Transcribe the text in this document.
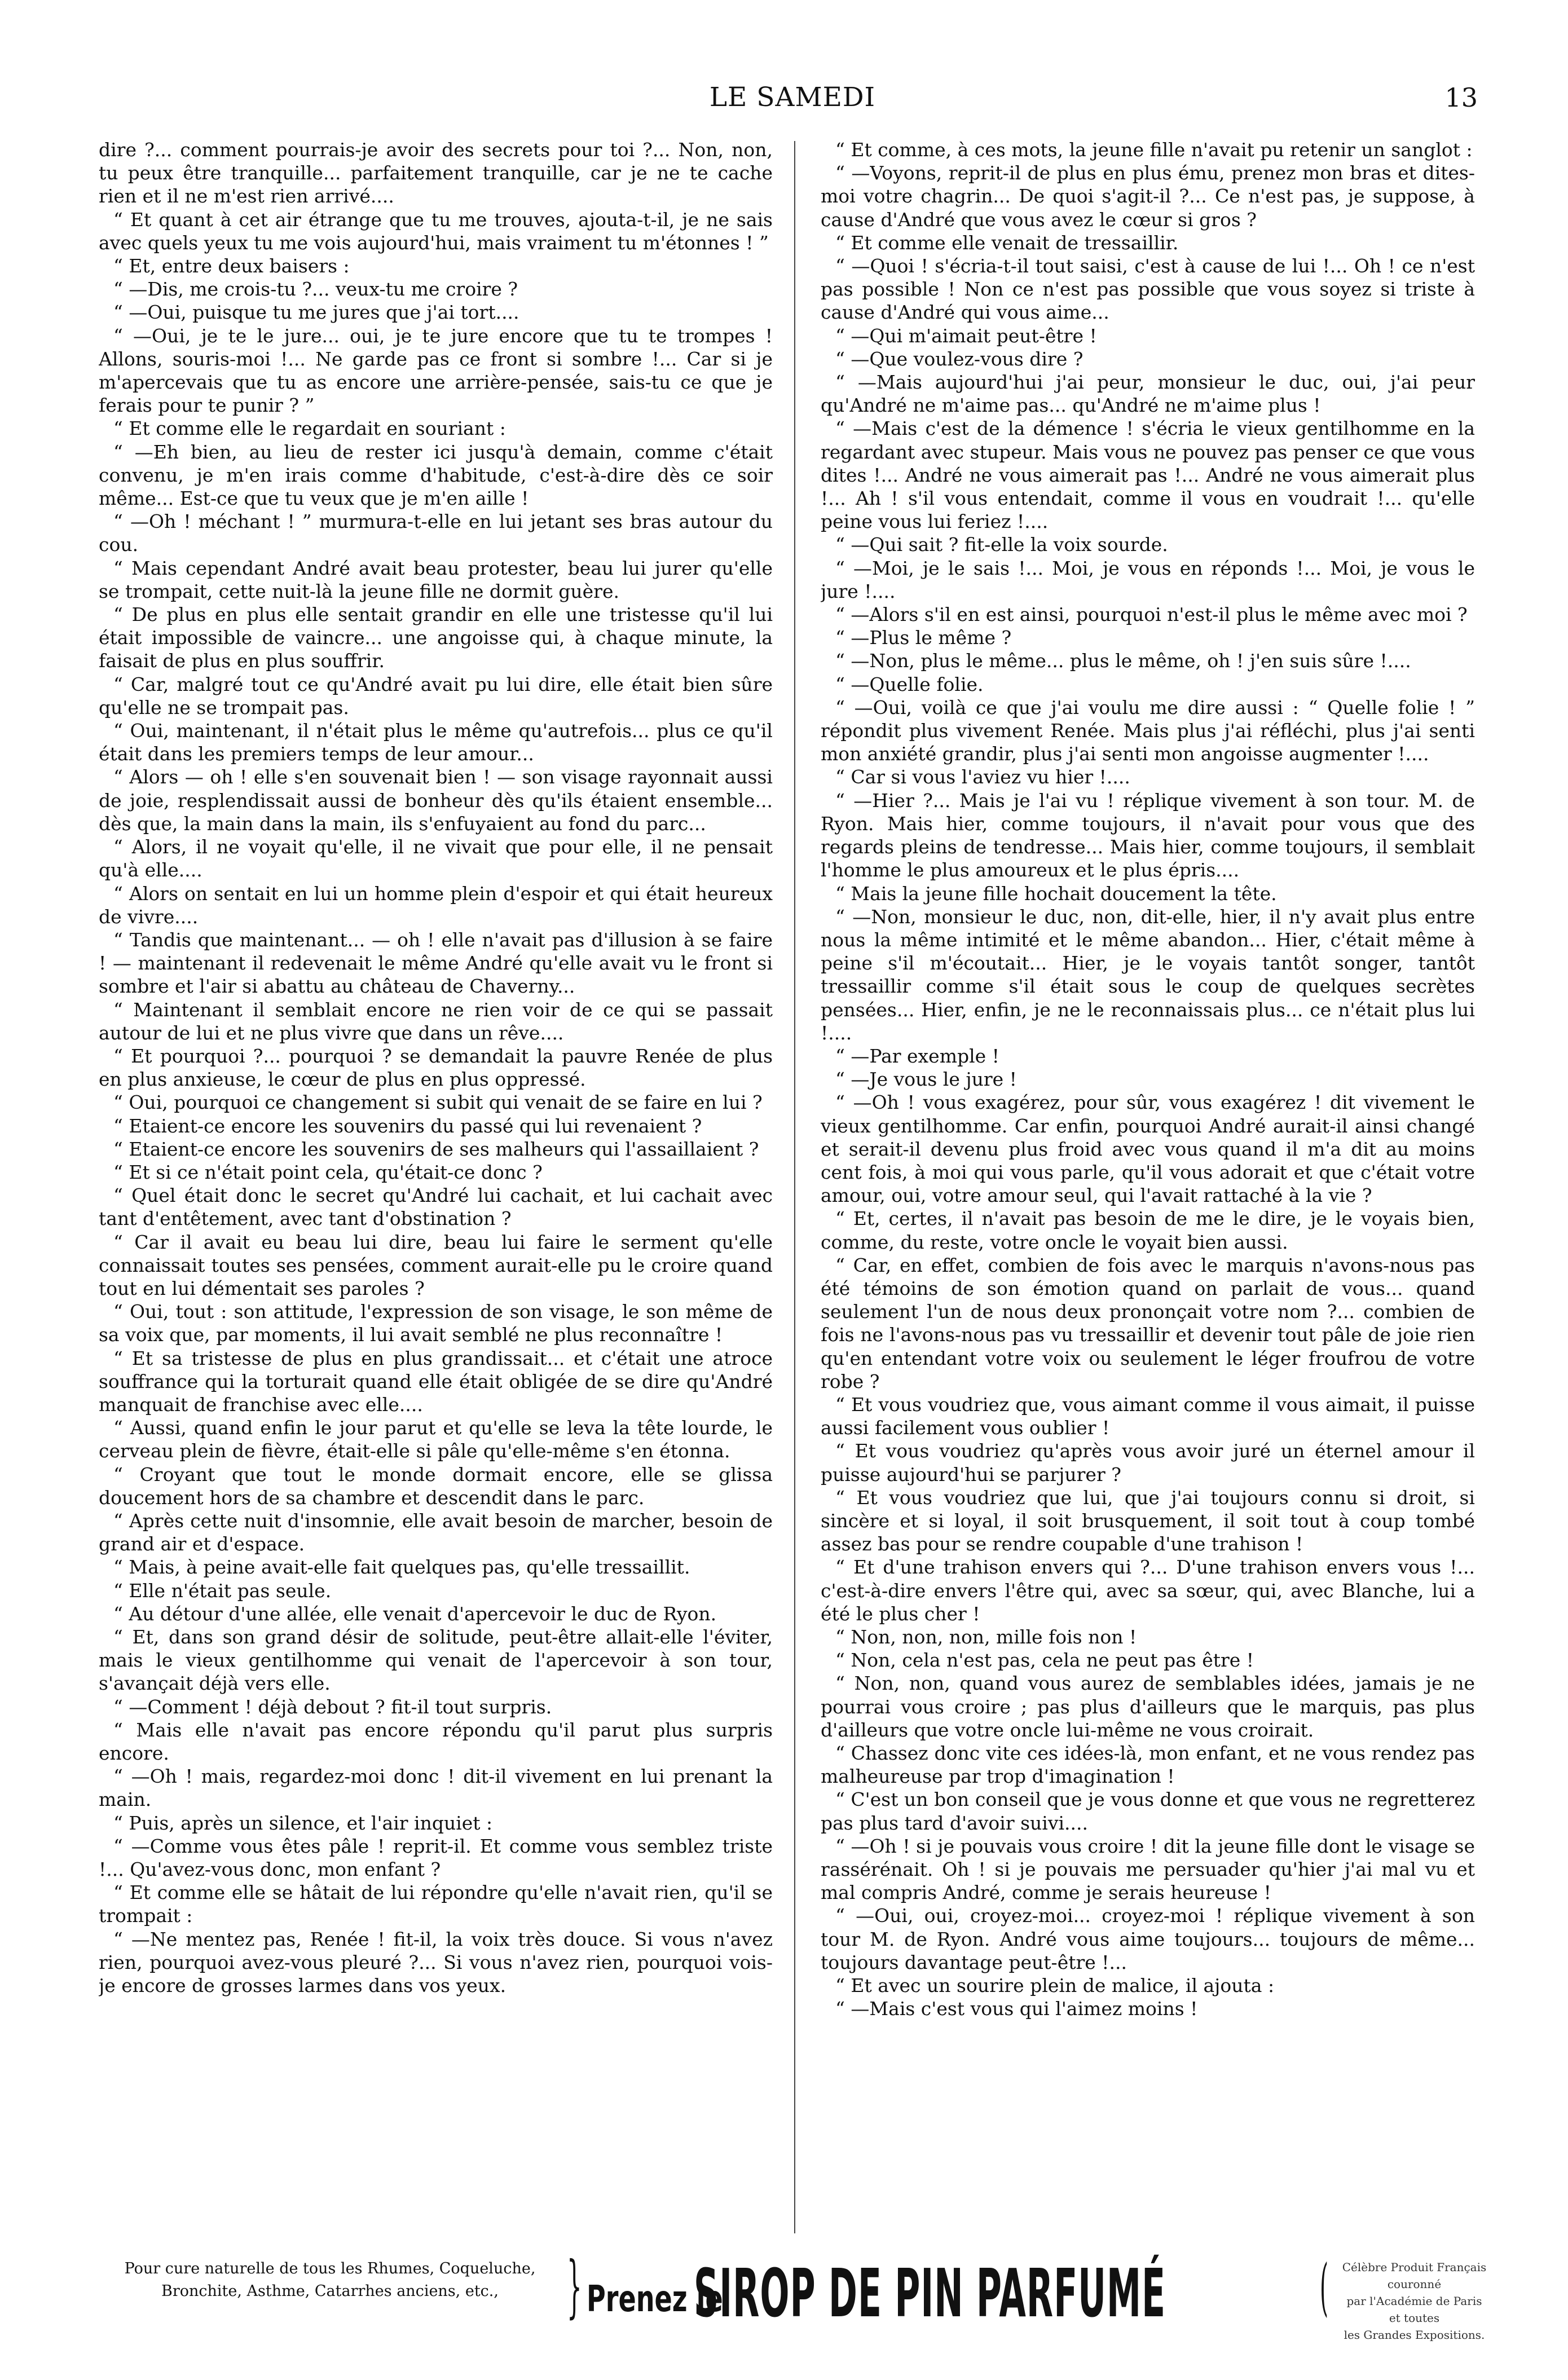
LE SAMEDI	13

dire ?... comment pourrais-je avoir des secrets pour toi ?... Non, non, tu peux être tranquille... parfaitement tranquille, car je ne te cache rien et il ne m'est rien arrivé....

“ Et quant à cet air étrange que tu me trouves, ajouta-t-il, je ne sais avec quels yeux tu me vois aujourd'hui, mais vraiment tu m'étonnes ! ”

“ Et, entre deux baisers :

“ —Dis, me crois-tu ?... veux-tu me croire ?

“ —Oui, puisque tu me jures que j'ai tort....

“ —Oui, je te le jure... oui, je te jure encore que tu te trompes ! Allons, souris-moi !... Ne garde pas ce front si sombre !... Car si je m'apercevais que tu as encore une arrière-pensée, sais-tu ce que je ferais pour te punir ? ”

“ Et comme elle le regardait en souriant :

“ —Eh bien, au lieu de rester ici jusqu'à demain, comme c'était convenu, je m'en irais comme d'habitude, c'est-à-dire dès ce soir même... Est-ce que tu veux que je m'en aille !

“ —Oh ! méchant ! ” murmura-t-elle en lui jetant ses bras autour du cou.

“ Mais cependant André avait beau protester, beau lui jurer qu'elle se trompait, cette nuit-là la jeune fille ne dormit guère.

“ De plus en plus elle sentait grandir en elle une tristesse qu'il lui était impossible de vaincre... une angoisse qui, à chaque minute, la faisait de plus en plus souffrir.

“ Car, malgré tout ce qu'André avait pu lui dire, elle était bien sûre qu'elle ne se trompait pas.

“ Oui, maintenant, il n'était plus le même qu'autrefois... plus ce qu'il était dans les premiers temps de leur amour...

“ Alors — oh ! elle s'en souvenait bien ! — son visage rayonnait aussi de joie, resplendissait aussi de bonheur dès qu'ils étaient ensemble... dès que, la main dans la main, ils s'enfuyaient au fond du parc...

“ Alors, il ne voyait qu'elle, il ne vivait que pour elle, il ne pensait qu'à elle....

“ Alors on sentait en lui un homme plein d'espoir et qui était heureux de vivre....

“ Tandis que maintenant... — oh ! elle n'avait pas d'illusion à se faire ! — maintenant il redevenait le même André qu'elle avait vu le front si sombre et l'air si abattu au château de Chaverny...

“ Maintenant il semblait encore ne rien voir de ce qui se passait autour de lui et ne plus vivre que dans un rêve....

“ Et pourquoi ?... pourquoi ? se demandait la pauvre Renée de plus en plus anxieuse, le cœur de plus en plus oppressé.

“ Oui, pourquoi ce changement si subit qui venait de se faire en lui ?

“ Etaient-ce encore les souvenirs du passé qui lui revenaient ?

“ Etaient-ce encore les souvenirs de ses malheurs qui l'assaillaient ?

“ Et si ce n'était point cela, qu'était-ce donc ?

“ Quel était donc le secret qu'André lui cachait, et lui cachait avec tant d'entêtement, avec tant d'obstination ?

“ Car il avait eu beau lui dire, beau lui faire le serment qu'elle connaissait toutes ses pensées, comment aurait-elle pu le croire quand tout en lui démentait ses paroles ?

“ Oui, tout : son attitude, l'expression de son visage, le son même de sa voix que, par moments, il lui avait semblé ne plus reconnaître !

“ Et sa tristesse de plus en plus grandissait... et c'était une atroce souffrance qui la torturait quand elle était obligée de se dire qu'André manquait de franchise avec elle....

“ Aussi, quand enfin le jour parut et qu'elle se leva la tête lourde, le cerveau plein de fièvre, était-elle si pâle qu'elle-même s'en étonna.

“ Croyant que tout le monde dormait encore, elle se glissa doucement hors de sa chambre et descendit dans le parc.

“ Après cette nuit d'insomnie, elle avait besoin de marcher, besoin de grand air et d'espace.

“ Mais, à peine avait-elle fait quelques pas, qu'elle tressaillit.

“ Elle n'était pas seule.

“ Au détour d'une allée, elle venait d'apercevoir le duc de Ryon.

“ Et, dans son grand désir de solitude, peut-être allait-elle l'éviter, mais le vieux gentilhomme qui venait de l'apercevoir à son tour, s'avançait déjà vers elle.

“ —Comment ! déjà debout ? fit-il tout surpris.

“ Mais elle n'avait pas encore répondu qu'il parut plus surpris encore.

“ —Oh ! mais, regardez-moi donc ! dit-il vivement en lui prenant la main.

“ Puis, après un silence, et l'air inquiet :

“ —Comme vous êtes pâle ! reprit-il. Et comme vous semblez triste !... Qu'avez-vous donc, mon enfant ?

“ Et comme elle se hâtait de lui répondre qu'elle n'avait rien, qu'il se trompait :

“ —Ne mentez pas, Renée ! fit-il, la voix très douce. Si vous n'avez rien, pourquoi avez-vous pleuré ?... Si vous n'avez rien, pourquoi vois-je encore de grosses larmes dans vos yeux.

“ Et comme, à ces mots, la jeune fille n'avait pu retenir un sanglot :

“ —Voyons, reprit-il de plus en plus ému, prenez mon bras et dites-moi votre chagrin... De quoi s'agit-il ?... Ce n'est pas, je suppose, à cause d'André que vous avez le cœur si gros ?

“ Et comme elle venait de tressaillir.

“ —Quoi ! s'écria-t-il tout saisi, c'est à cause de lui !... Oh ! ce n'est pas possible ! Non ce n'est pas possible que vous soyez si triste à cause d'André qui vous aime...

“ —Qui m'aimait peut-être !

“ —Que voulez-vous dire ?

“ —Mais aujourd'hui j'ai peur, monsieur le duc, oui, j'ai peur qu'André ne m'aime pas... qu'André ne m'aime plus !

“ —Mais c'est de la démence ! s'écria le vieux gentilhomme en la regardant avec stupeur. Mais vous ne pouvez pas penser ce que vous dites !... André ne vous aimerait pas !... André ne vous aimerait plus !... Ah ! s'il vous entendait, comme il vous en voudrait !... qu'elle peine vous lui feriez !....

“ —Qui sait ? fit-elle la voix sourde.

“ —Moi, je le sais !... Moi, je vous en réponds !... Moi, je vous le jure !....

“ —Alors s'il en est ainsi, pourquoi n'est-il plus le même avec moi ?

“ —Plus le même ?

“ —Non, plus le même... plus le même, oh ! j'en suis sûre !....

“ —Quelle folie.

“ —Oui, voilà ce que j'ai voulu me dire aussi : “ Quelle folie ! ” répondit plus vivement Renée. Mais plus j'ai réfléchi, plus j'ai senti mon anxiété grandir, plus j'ai senti mon angoisse augmenter !....

“ Car si vous l'aviez vu hier !....

“ —Hier ?... Mais je l'ai vu ! réplique vivement à son tour. M. de Ryon. Mais hier, comme toujours, il n'avait pour vous que des regards pleins de tendresse... Mais hier, comme toujours, il semblait l'homme le plus amoureux et le plus épris....

“ Mais la jeune fille hochait doucement la tête.

“ —Non, monsieur le duc, non, dit-elle, hier, il n'y avait plus entre nous la même intimité et le même abandon... Hier, c'était même à peine s'il m'écoutait... Hier, je le voyais tantôt songer, tantôt tressaillir comme s'il était sous le coup de quelques secrètes pensées... Hier, enfin, je ne le reconnaissais plus... ce n'était plus lui !....

“ —Par exemple !

“ —Je vous le jure !

“ —Oh ! vous exagérez, pour sûr, vous exagérez ! dit vivement le vieux gentilhomme. Car enfin, pourquoi André aurait-il ainsi changé et serait-il devenu plus froid avec vous quand il m'a dit au moins cent fois, à moi qui vous parle, qu'il vous adorait et que c'était votre amour, oui, votre amour seul, qui l'avait rattaché à la vie ?

“ Et, certes, il n'avait pas besoin de me le dire, je le voyais bien, comme, du reste, votre oncle le voyait bien aussi.

“ Car, en effet, combien de fois avec le marquis n'avons-nous pas été témoins de son émotion quand on parlait de vous... quand seulement l'un de nous deux prononçait votre nom ?... combien de fois ne l'avons-nous pas vu tressaillir et devenir tout pâle de joie rien qu'en entendant votre voix ou seulement le léger froufrou de votre robe ?

“ Et vous voudriez que, vous aimant comme il vous aimait, il puisse aussi facilement vous oublier !

“ Et vous voudriez qu'après vous avoir juré un éternel amour il puisse aujourd'hui se parjurer ?

“ Et vous voudriez que lui, que j'ai toujours connu si droit, si sincère et si loyal, il soit brusquement, il soit tout à coup tombé assez bas pour se rendre coupable d'une trahison !

“ Et d'une trahison envers qui ?... D'une trahison envers vous !... c'est-à-dire envers l'être qui, avec sa sœur, qui, avec Blanche, lui a été le plus cher !

“ Non, non, non, mille fois non !

“ Non, cela n'est pas, cela ne peut pas être !

“ Non, non, quand vous aurez de semblables idées, jamais je ne pourrai vous croire ; pas plus d'ailleurs que le marquis, pas plus d'ailleurs que votre oncle lui-même ne vous croirait.

“ Chassez donc vite ces idées-là, mon enfant, et ne vous rendez pas malheureuse par trop d'imagination !

“ C'est un bon conseil que je vous donne et que vous ne regretterez pas plus tard d'avoir suivi....

“ —Oh ! si je pouvais vous croire ! dit la jeune fille dont le visage se rassérénait. Oh ! si je pouvais me persuader qu'hier j'ai mal vu et mal compris André, comme je serais heureuse !

“ —Oui, oui, croyez-moi... croyez-moi ! réplique vivement à son tour M. de Ryon. André vous aime toujours... toujours de même... toujours davantage peut-être !...

“ Et avec un sourire plein de malice, il ajouta :

“ —Mais c'est vous qui l'aimez moins !

Pour cure naturelle de tous les Rhumes, Coqueluche,
Bronchite, Asthme, Catarrhes anciens, etc.,	} Prenez le
SIROP DE PIN PARFUMÉ ( Célèbre Produit Français couronné
par l'Académie de Paris et toutes
les Grandes Expositions.
